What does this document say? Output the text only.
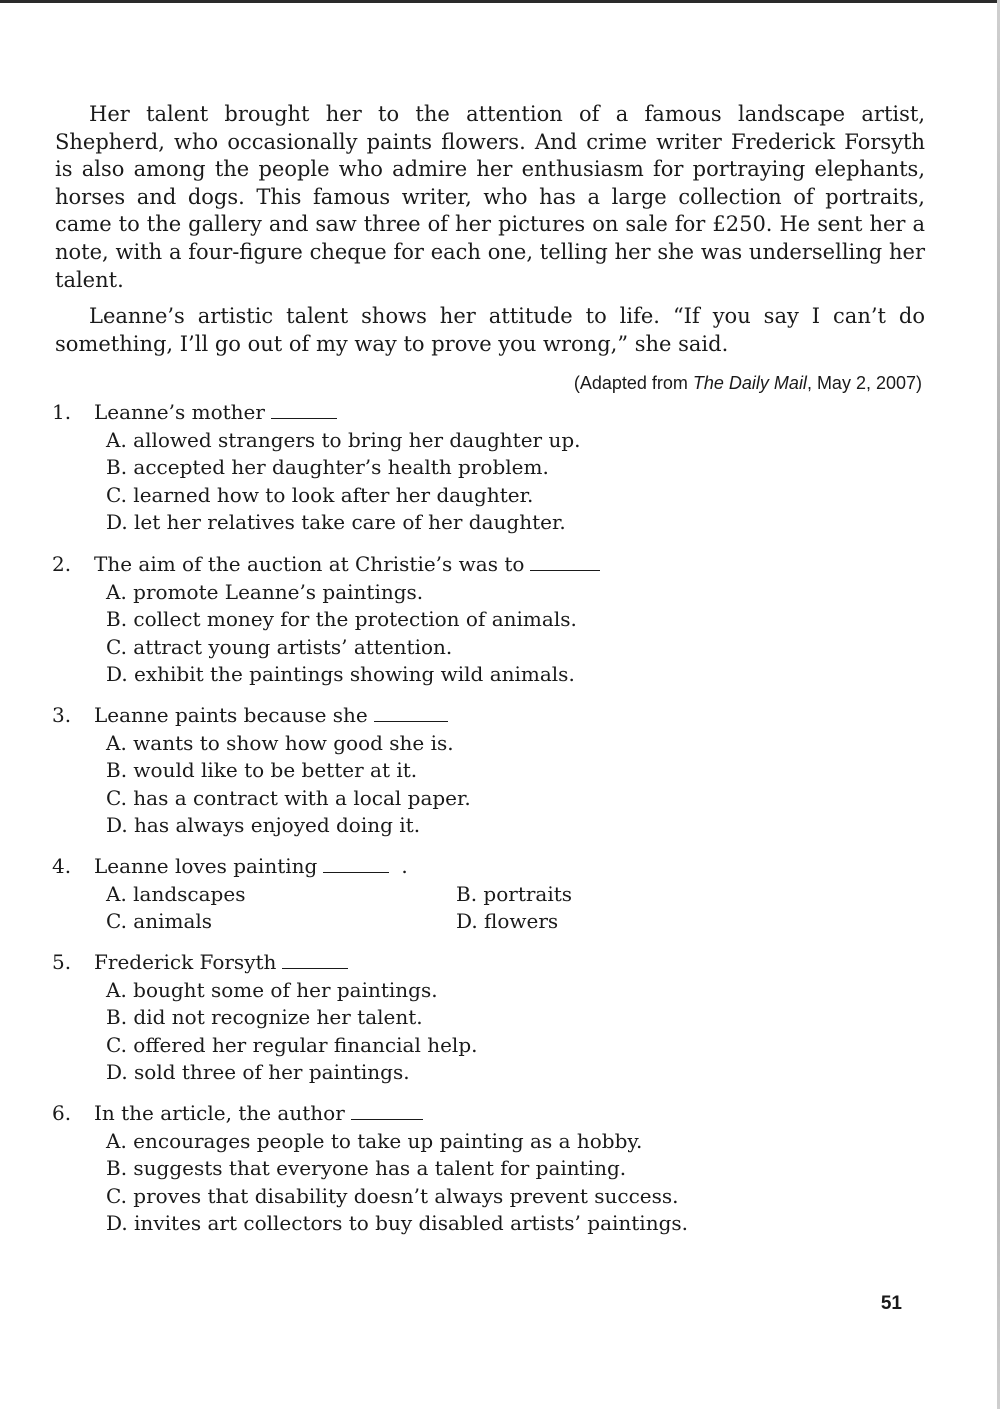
Her talent brought her to the attention of a famous landscape artist, Shepherd, who occasionally paints flowers. And crime writer Frederick Forsyth is also among the people who admire her enthusiasm for portraying elephants, horses and dogs. This famous writer, who has a large collection of portraits, came to the gallery and saw three of her pictures on sale for £250. He sent her a note, with a four-figure cheque for each one, telling her she was underselling her talent.

Leanne’s artistic talent shows her attitude to life. “If you say I can’t do something, I’ll go out of my way to prove you wrong,” she said.

(Adapted from The Daily Mail, May 2, 2007)

1. Leanne’s mother
A. allowed strangers to bring her daughter up.
B. accepted her daughter’s health problem.
C. learned how to look after her daughter.
D. let her relatives take care of her daughter.
2. The aim of the auction at Christie’s was to
A. promote Leanne’s paintings.
B. collect money for the protection of animals.
C. attract young artists’ attention.
D. exhibit the paintings showing wild animals.
3. Leanne paints because she
A. wants to show how good she is.
B. would like to be better at it.
C. has a contract with a local paper.
D. has always enjoyed doing it.
4. Leanne loves painting	.
A. landscapes	B. portraits
C. animals	D. flowers
5. Frederick Forsyth
A. bought some of her paintings.
B. did not recognize her talent.
C. offered her regular financial help.
D. sold three of her paintings.
6. In the article, the author
A. encourages people to take up painting as a hobby.
B. suggests that everyone has a talent for painting.
C. proves that disability doesn’t always prevent success.
D. invites art collectors to buy disabled artists’ paintings.
51
